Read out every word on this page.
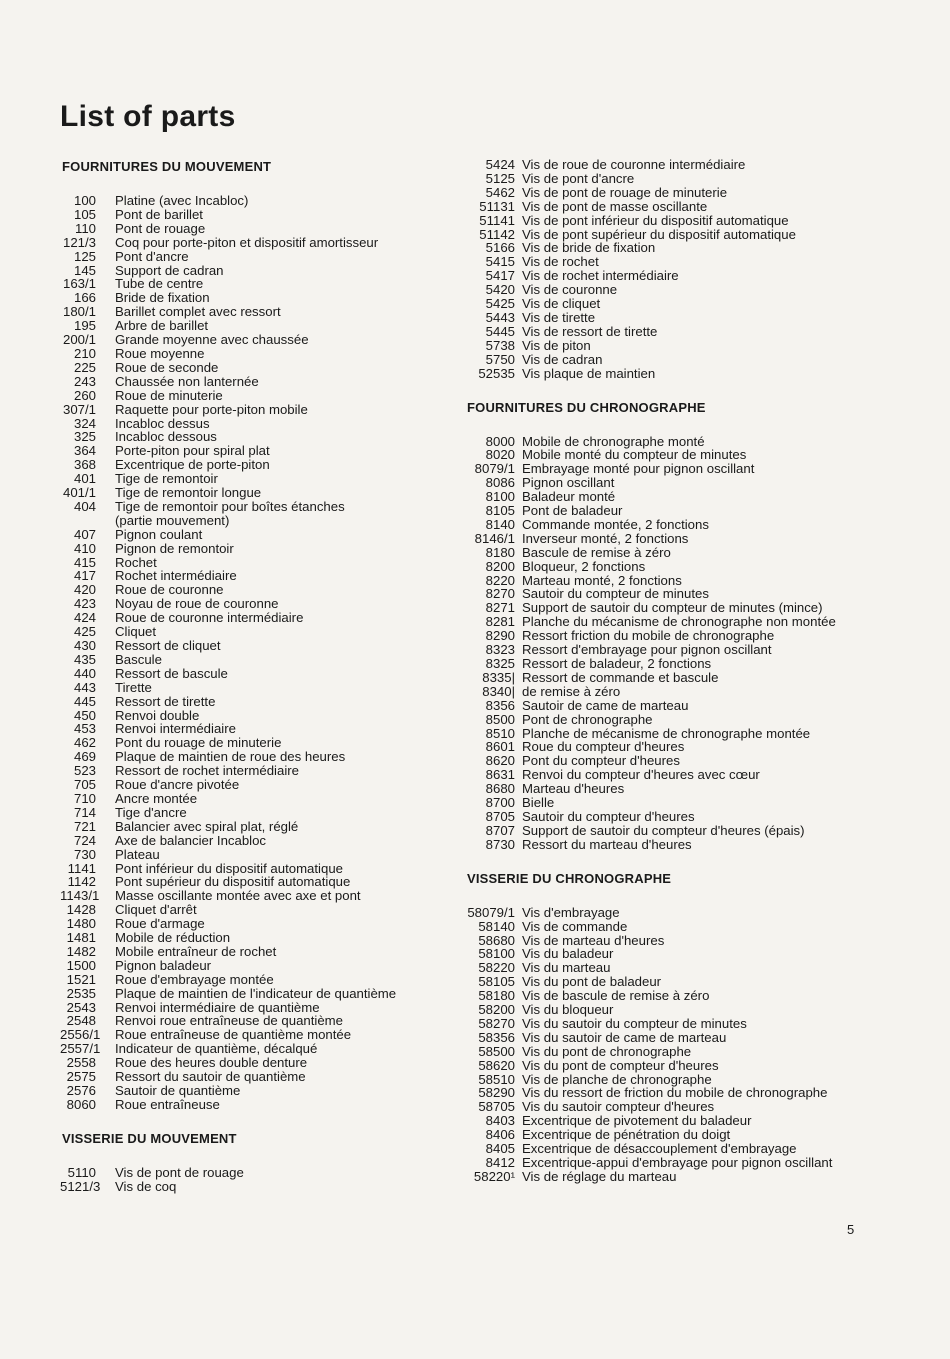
List of parts
FOURNITURES DU MOUVEMENT
100 Platine (avec Incabloc)
105 Pont de barillet
110 Pont de rouage
121/3 Coq pour porte-piton et dispositif amortisseur
125 Pont d'ancre
145 Support de cadran
163/1 Tube de centre
166 Bride de fixation
180/1 Barillet complet avec ressort
195 Arbre de barillet
200/1 Grande moyenne avec chaussée
210 Roue moyenne
225 Roue de seconde
243 Chaussée non lanternée
260 Roue de minuterie
307/1 Raquette pour porte-piton mobile
324 Incabloc dessus
325 Incabloc dessous
364 Porte-piton pour spiral plat
368 Excentrique de porte-piton
401 Tige de remontoir
401/1 Tige de remontoir longue
404 Tige de remontoir pour boîtes étanches
(partie mouvement)
407 Pignon coulant
410 Pignon de remontoir
415 Rochet
417 Rochet intermédiaire
420 Roue de couronne
423 Noyau de roue de couronne
424 Roue de couronne intermédiaire
425 Cliquet
430 Ressort de cliquet
435 Bascule
440 Ressort de bascule
443 Tirette
445 Ressort de tirette
450 Renvoi double
453 Renvoi intermédiaire
462 Pont du rouage de minuterie
469 Plaque de maintien de roue des heures
523 Ressort de rochet intermédiaire
705 Roue d'ancre pivotée
710 Ancre montée
714 Tige d'ancre
721 Balancier avec spiral plat, réglé
724 Axe de balancier Incabloc
730 Plateau
1141 Pont inférieur du dispositif automatique
1142 Pont supérieur du dispositif automatique
1143/1 Masse oscillante montée avec axe et pont
1428 Cliquet d'arrêt
1480 Roue d'armage
1481 Mobile de réduction
1482 Mobile entraîneur de rochet
1500 Pignon baladeur
1521 Roue d'embrayage montée
2535 Plaque de maintien de l'indicateur de quantième
2543 Renvoi intermédiaire de quantième
2548 Renvoi roue entraîneuse de quantième
2556/1 Roue entraîneuse de quantième montée
2557/1 Indicateur de quantième, décalqué
2558 Roue des heures double denture
2575 Ressort du sautoir de quantième
2576 Sautoir de quantième
8060 Roue entraîneuse
VISSERIE DU MOUVEMENT
5110 Vis de pont de rouage
5121/3 Vis de coq
5424 Vis de roue de couronne intermédiaire
5125 Vis de pont d'ancre
5462 Vis de pont de rouage de minuterie
51131 Vis de pont de masse oscillante
51141 Vis de pont inférieur du dispositif automatique
51142 Vis de pont supérieur du dispositif automatique
5166 Vis de bride de fixation
5415 Vis de rochet
5417 Vis de rochet intermédiaire
5420 Vis de couronne
5425 Vis de cliquet
5443 Vis de tirette
5445 Vis de ressort de tirette
5738 Vis de piton
5750 Vis de cadran
52535 Vis plaque de maintien
FOURNITURES DU CHRONOGRAPHE
8000 Mobile de chronographe monté
8020 Mobile monté du compteur de minutes
8079/1 Embrayage monté pour pignon oscillant
8086 Pignon oscillant
8100 Baladeur monté
8105 Pont de baladeur
8140 Commande montée, 2 fonctions
8146/1 Inverseur monté, 2 fonctions
8180 Bascule de remise à zéro
8200 Bloqueur, 2 fonctions
8220 Marteau monté, 2 fonctions
8270 Sautoir du compteur de minutes
8271 Support de sautoir du compteur de minutes (mince)
8281 Planche du mécanisme de chronographe non montée
8290 Ressort friction du mobile de chronographe
8323 Ressort d'embrayage pour pignon oscillant
8325 Ressort de baladeur, 2 fonctions
8335| Ressort de commande et bascule
8340| de remise à zéro
8356 Sautoir de came de marteau
8500 Pont de chronographe
8510 Planche de mécanisme de chronographe montée
8601 Roue du compteur d'heures
8620 Pont du compteur d'heures
8631 Renvoi du compteur d'heures avec cœur
8680 Marteau d'heures
8700 Bielle
8705 Sautoir du compteur d'heures
8707 Support de sautoir du compteur d'heures (épais)
8730 Ressort du marteau d'heures
VISSERIE DU CHRONOGRAPHE
58079/1 Vis d'embrayage
58140 Vis de commande
58680 Vis de marteau d'heures
58100 Vis du baladeur
58220 Vis du marteau
58105 Vis du pont de baladeur
58180 Vis de bascule de remise à zéro
58200 Vis du bloqueur
58270 Vis du sautoir du compteur de minutes
58356 Vis du sautoir de came de marteau
58500 Vis du pont de chronographe
58620 Vis du pont de compteur d'heures
58510 Vis de planche de chronographe
58290 Vis du ressort de friction du mobile de chronographe
58705 Vis du sautoir compteur d'heures
8403 Excentrique de pivotement du baladeur
8406 Excentrique de pénétration du doigt
8405 Excentrique de désaccouplement d'embrayage
8412 Excentrique-appui d'embrayage pour pignon oscillant
58220¹ Vis de réglage du marteau
5
